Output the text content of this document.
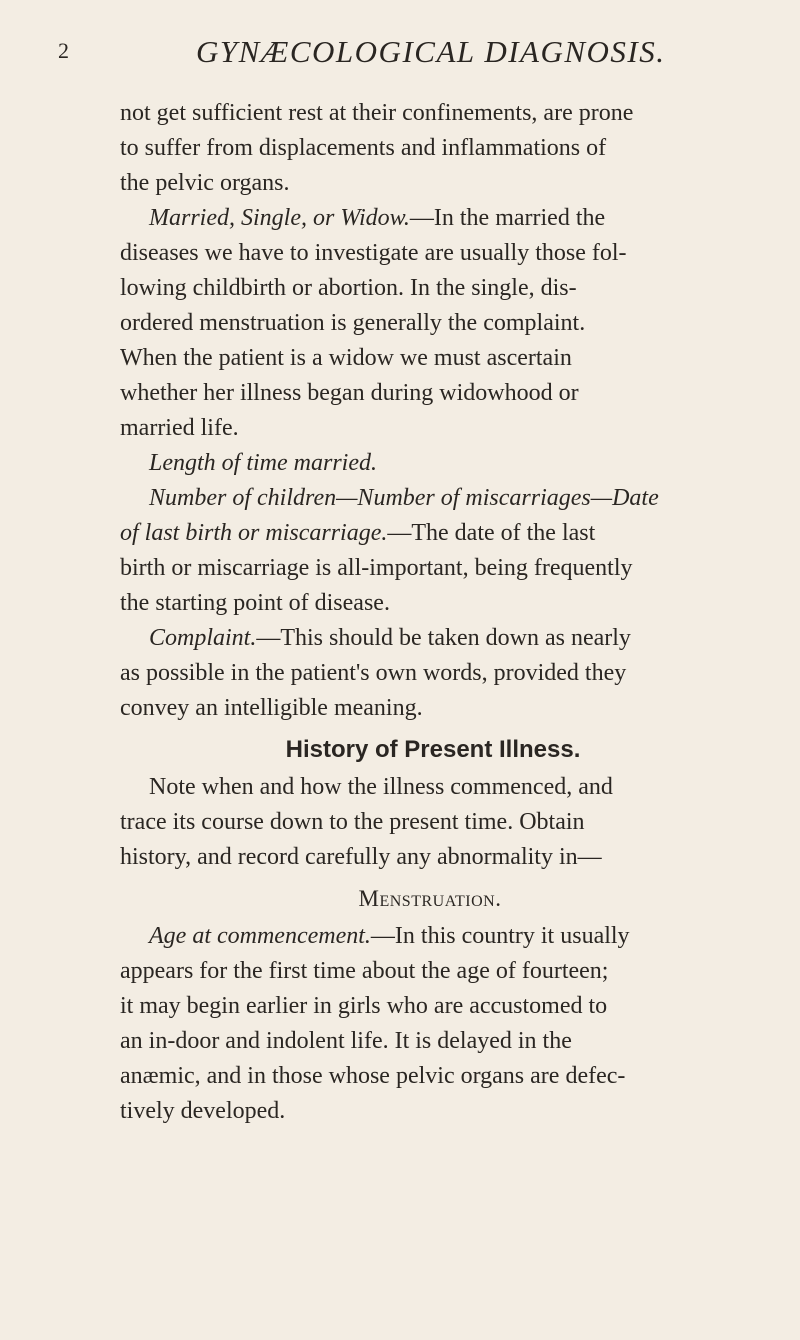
2	GYNÆCOLOGICAL DIAGNOSIS.
not get sufficient rest at their confinements, are prone
to suffer from displacements and inflammations of
the pelvic organs.
Married, Single, or Widow.—In the married the
diseases we have to investigate are usually those fol-
lowing childbirth or abortion. In the single, dis-
ordered menstruation is generally the complaint.
When the patient is a widow we must ascertain
whether her illness began during widowhood or
married life.
Length of time married.
Number of children—Number of miscarriages—Date
of last birth or miscarriage.—The date of the last
birth or miscarriage is all-important, being frequently
the starting point of disease.
Complaint.—This should be taken down as nearly
as possible in the patient's own words, provided they
convey an intelligible meaning.
History of Present Illness.
Note when and how the illness commenced, and
trace its course down to the present time. Obtain
history, and record carefully any abnormality in—
Menstruation.
Age at commencement.—In this country it usually
appears for the first time about the age of fourteen;
it may begin earlier in girls who are accustomed to
an in-door and indolent life. It is delayed in the
anæmic, and in those whose pelvic organs are defec-
tively developed.
